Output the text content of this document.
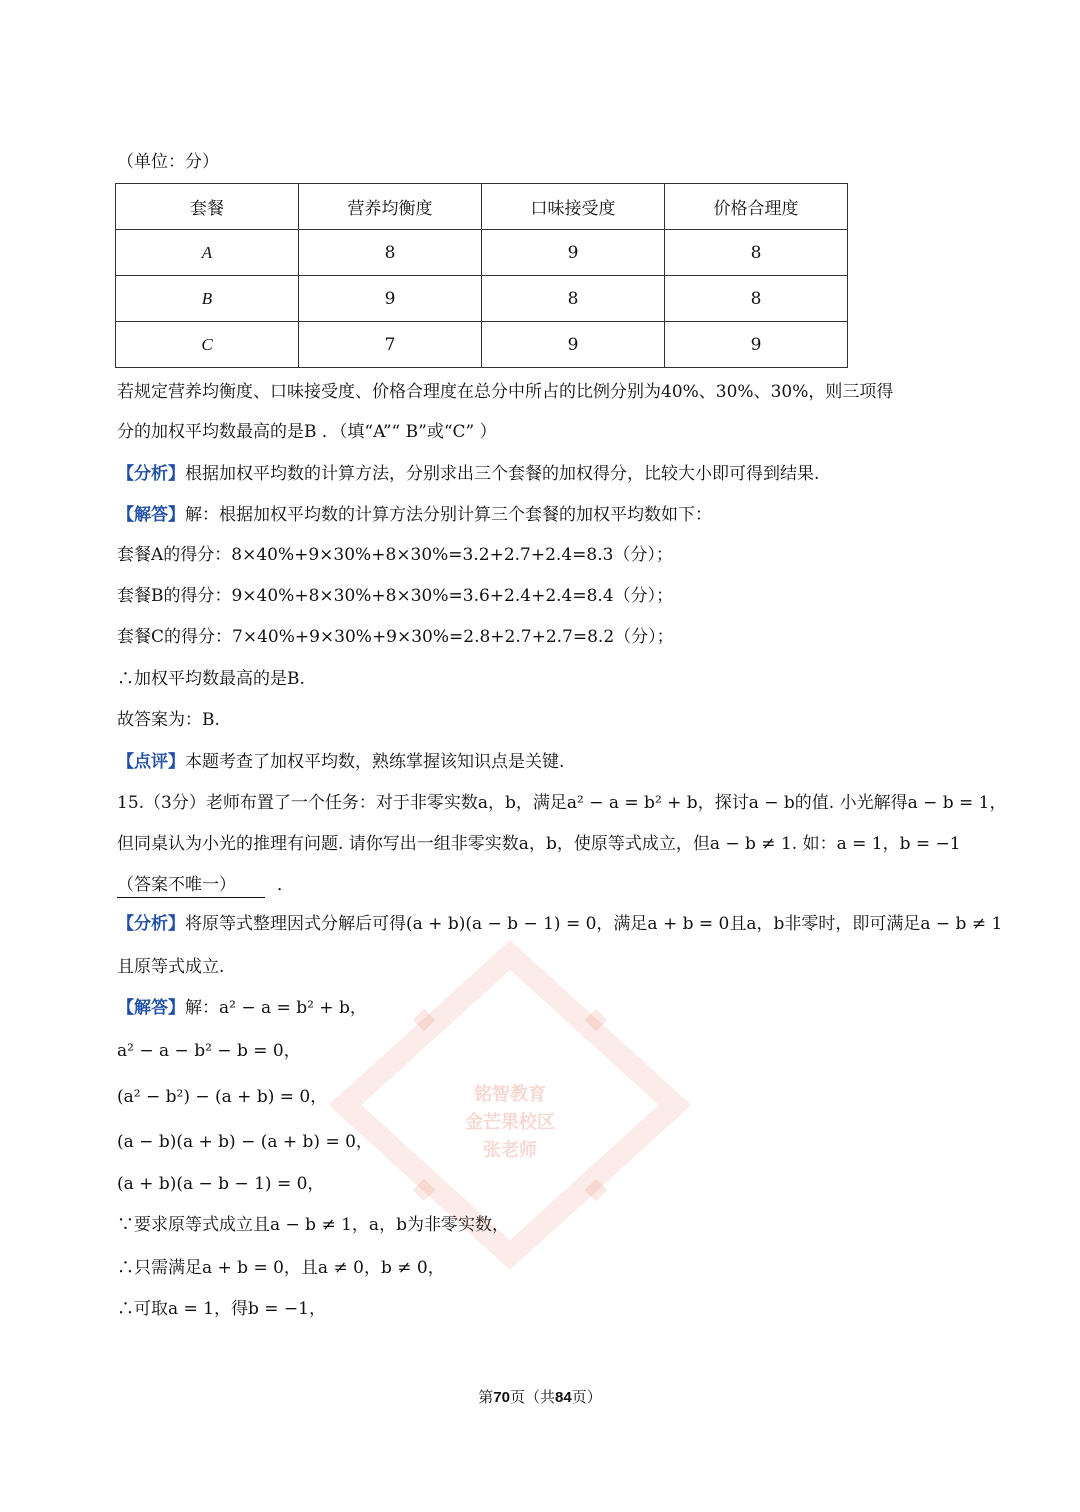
（单位：分）
套餐	营养均衡度	口味接受度	价格合理度
A	8	9	8
B	9	8	8
C	7	9	9
若规定营养均衡度、口味接受度、价格合理度在总分中所占的比例分别为40%、30%、30%，则三项得
分的加权平均数最高的是B ．（填“A”“ B”或“C” ）
【分析】根据加权平均数的计算方法，分别求出三个套餐的加权得分，比较大小即可得到结果.
【解答】解：根据加权平均数的计算方法分别计算三个套餐的加权平均数如下：
套餐A的得分：8×40%+9×30%+8×30%=3.2+2.7+2.4=8.3（分）；
套餐B的得分：9×40%+8×30%+8×30%=3.6+2.4+2.4=8.4（分）；
套餐C的得分：7×40%+9×30%+9×30%=2.8+2.7+2.7=8.2（分）；
∴加权平均数最高的是B.
故答案为：B.
【点评】本题考查了加权平均数，熟练掌握该知识点是关键.
15.（3分）老师布置了一个任务：对于非零实数a，b，满足a² − a = b² + b，探讨a − b的值. 小光解得a − b = 1，
但同桌认为小光的推理有问题. 请你写出一组非零实数a，b，使原等式成立，但a − b ≠ 1. 如：a = 1，b = −1
（答案不唯一） ．
【分析】将原等式整理因式分解后可得(a + b)(a − b − 1) = 0，满足a + b = 0且a，b非零时，即可满足a − b ≠ 1
且原等式成立.
【解答】解：a² − a = b² + b，
a² − a − b² − b = 0，
(a² − b²) − (a + b) = 0，
(a − b)(a + b) − (a + b) = 0，
(a + b)(a − b − 1) = 0，
∵要求原等式成立且a − b ≠ 1，a，b为非零实数，
∴只需满足a + b = 0，且a ≠ 0，b ≠ 0，
∴可取a = 1，得b = −1，
铭智教育
金芒果校区
张老师
第70页（共84页）
